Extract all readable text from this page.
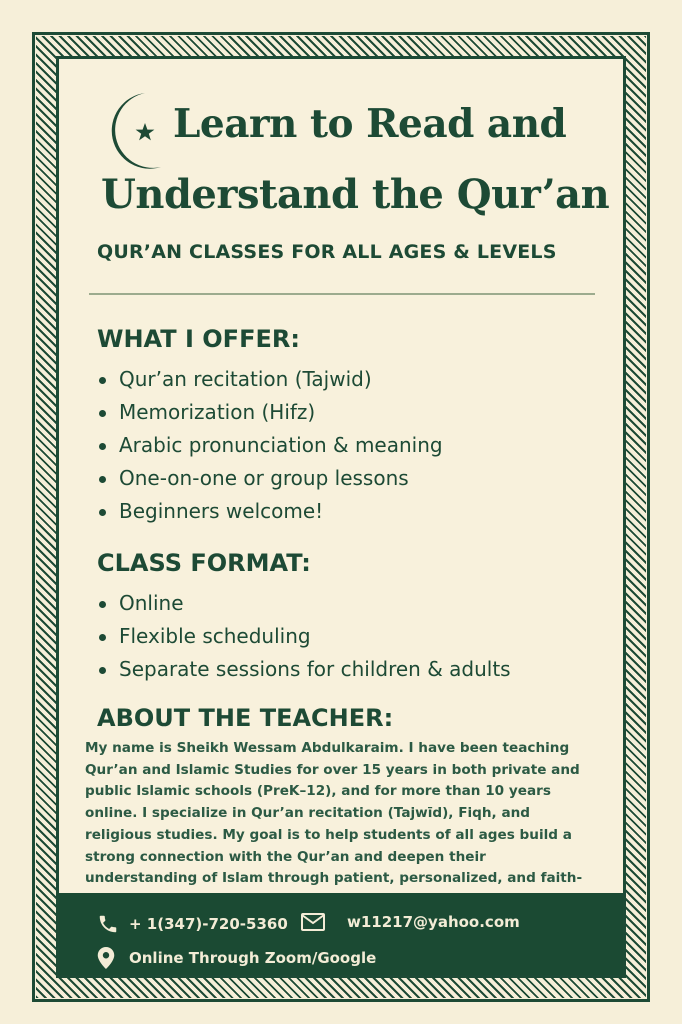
Learn to Read and
Understand the Qur’an
QUR’AN CLASSES FOR ALL AGES & LEVELS
WHAT I OFFER:
Qur’an recitation (Tajwid)
Memorization (Hifz)
Arabic pronunciation & meaning
One-on-one or group lessons
Beginners welcome!
CLASS FORMAT:
Online
Flexible scheduling
Separate sessions for children & adults
ABOUT THE TEACHER:
My name is Sheikh Wessam Abdulkaraim. I have been teaching Qur’an and Islamic Studies for over 15 years in both private and public Islamic schools (PreK–12), and for more than 10 years online. I specialize in Qur’an recitation (Tajwīd), Fiqh, and religious studies. My goal is to help students of all ages build a strong connection with the Qur’an and deepen their understanding of Islam through patient, personalized, and faith-
+ 1(347)-720-5360	w11217@yahoo.com
Online Through Zoom/Google
